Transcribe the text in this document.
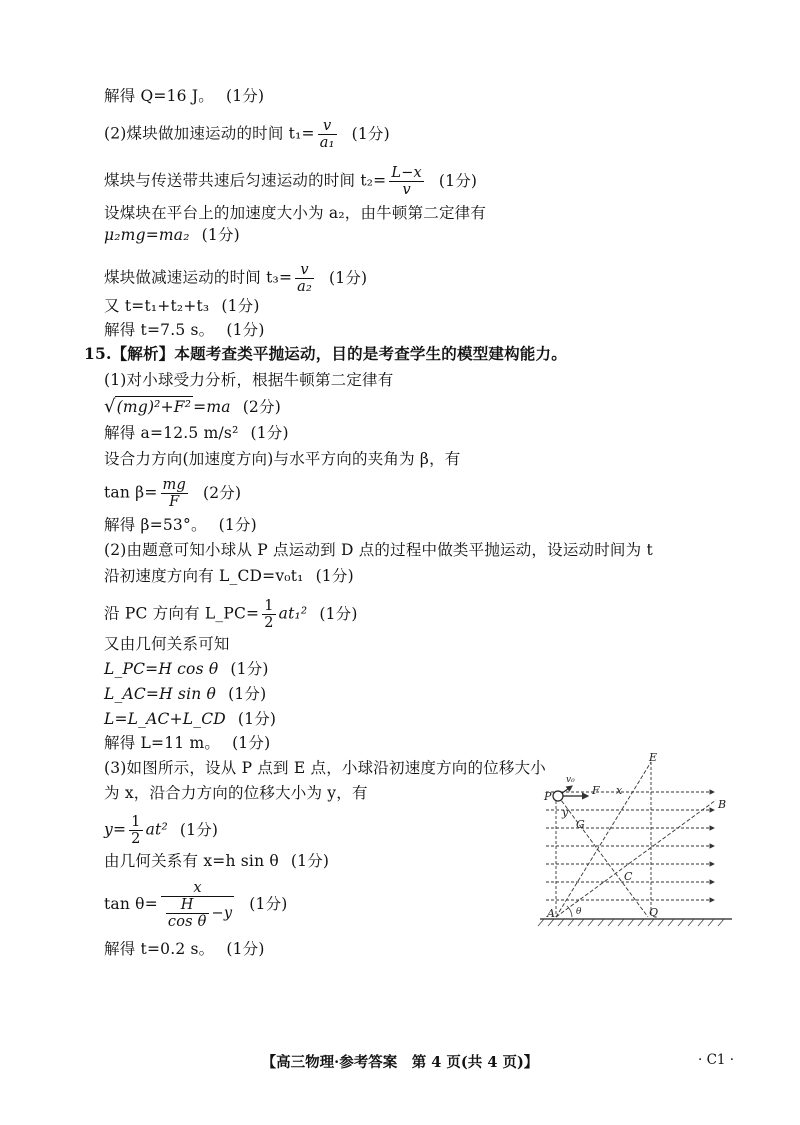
解得 Q=16 J。 (1分)
(2)煤块做加速运动的时间 $t_1= \frac{v}{\text{a₁}} (1$分)
煤块与传送带共速后匀速运动的时间 $t_2= \frac{L-x}{v} (1$分)
设煤块在平台上的加速度大小为 a₂，由牛顿第二定律有
μ₂mg=ma₂ (1分)
煤块做减速运动的时间 $t_3= \frac{v}{\text{a₂}} (1$分)
又 t=t₁+t₂+t₃ (1分)
解得 t=7.5 s。 (1分)
15.【解析】本题考查类平抛运动，目的是考查学生的模型建构能力。
(1)对小球受力分析，根据牛顿第二定律有
√(mg)²+F² =ma (2分)
解得 a=12.5 m/s² (1分)
设合力方向(加速度方向)与水平方向的夹角为 β，有
$\tan \beta= \frac{mg}{F} (2$分)
解得 β=53°。 (1分)
(2)由题意可知小球从 P 点运动到 D 点的过程中做类平抛运动，设运动时间为 t
沿初速度方向有 L_CD=v₀t₁ (1分)
沿 PC 方向有 L_PC= $\frac{1}{2} at_1^2$ (1分)
又由几何关系可知
L_PC=H cos θ (1分)
L_AC=H sin θ (1分)
L=L_AC+L_CD (1分)
解得 L=11 m。 (1分)
(3)如图所示，设从 P 点到 E 点，小球沿初速度方向的位移大小
为 x，沿合力方向的位移大小为 y，有
$y= \frac{1}{2} at^2$ (1分)
由几何关系有 x=h sin θ (1分)
$\tan \theta= \frac{x}{\frac{H}{\text{cos θ}} -y} (1$分)
解得 t=0.2 s。 (1分)
E
v₀
P	F x
B
y
G
C
A θ	Q
【高三物理·参考答案　第 4 页(共 4 页)】	· C1 ·
